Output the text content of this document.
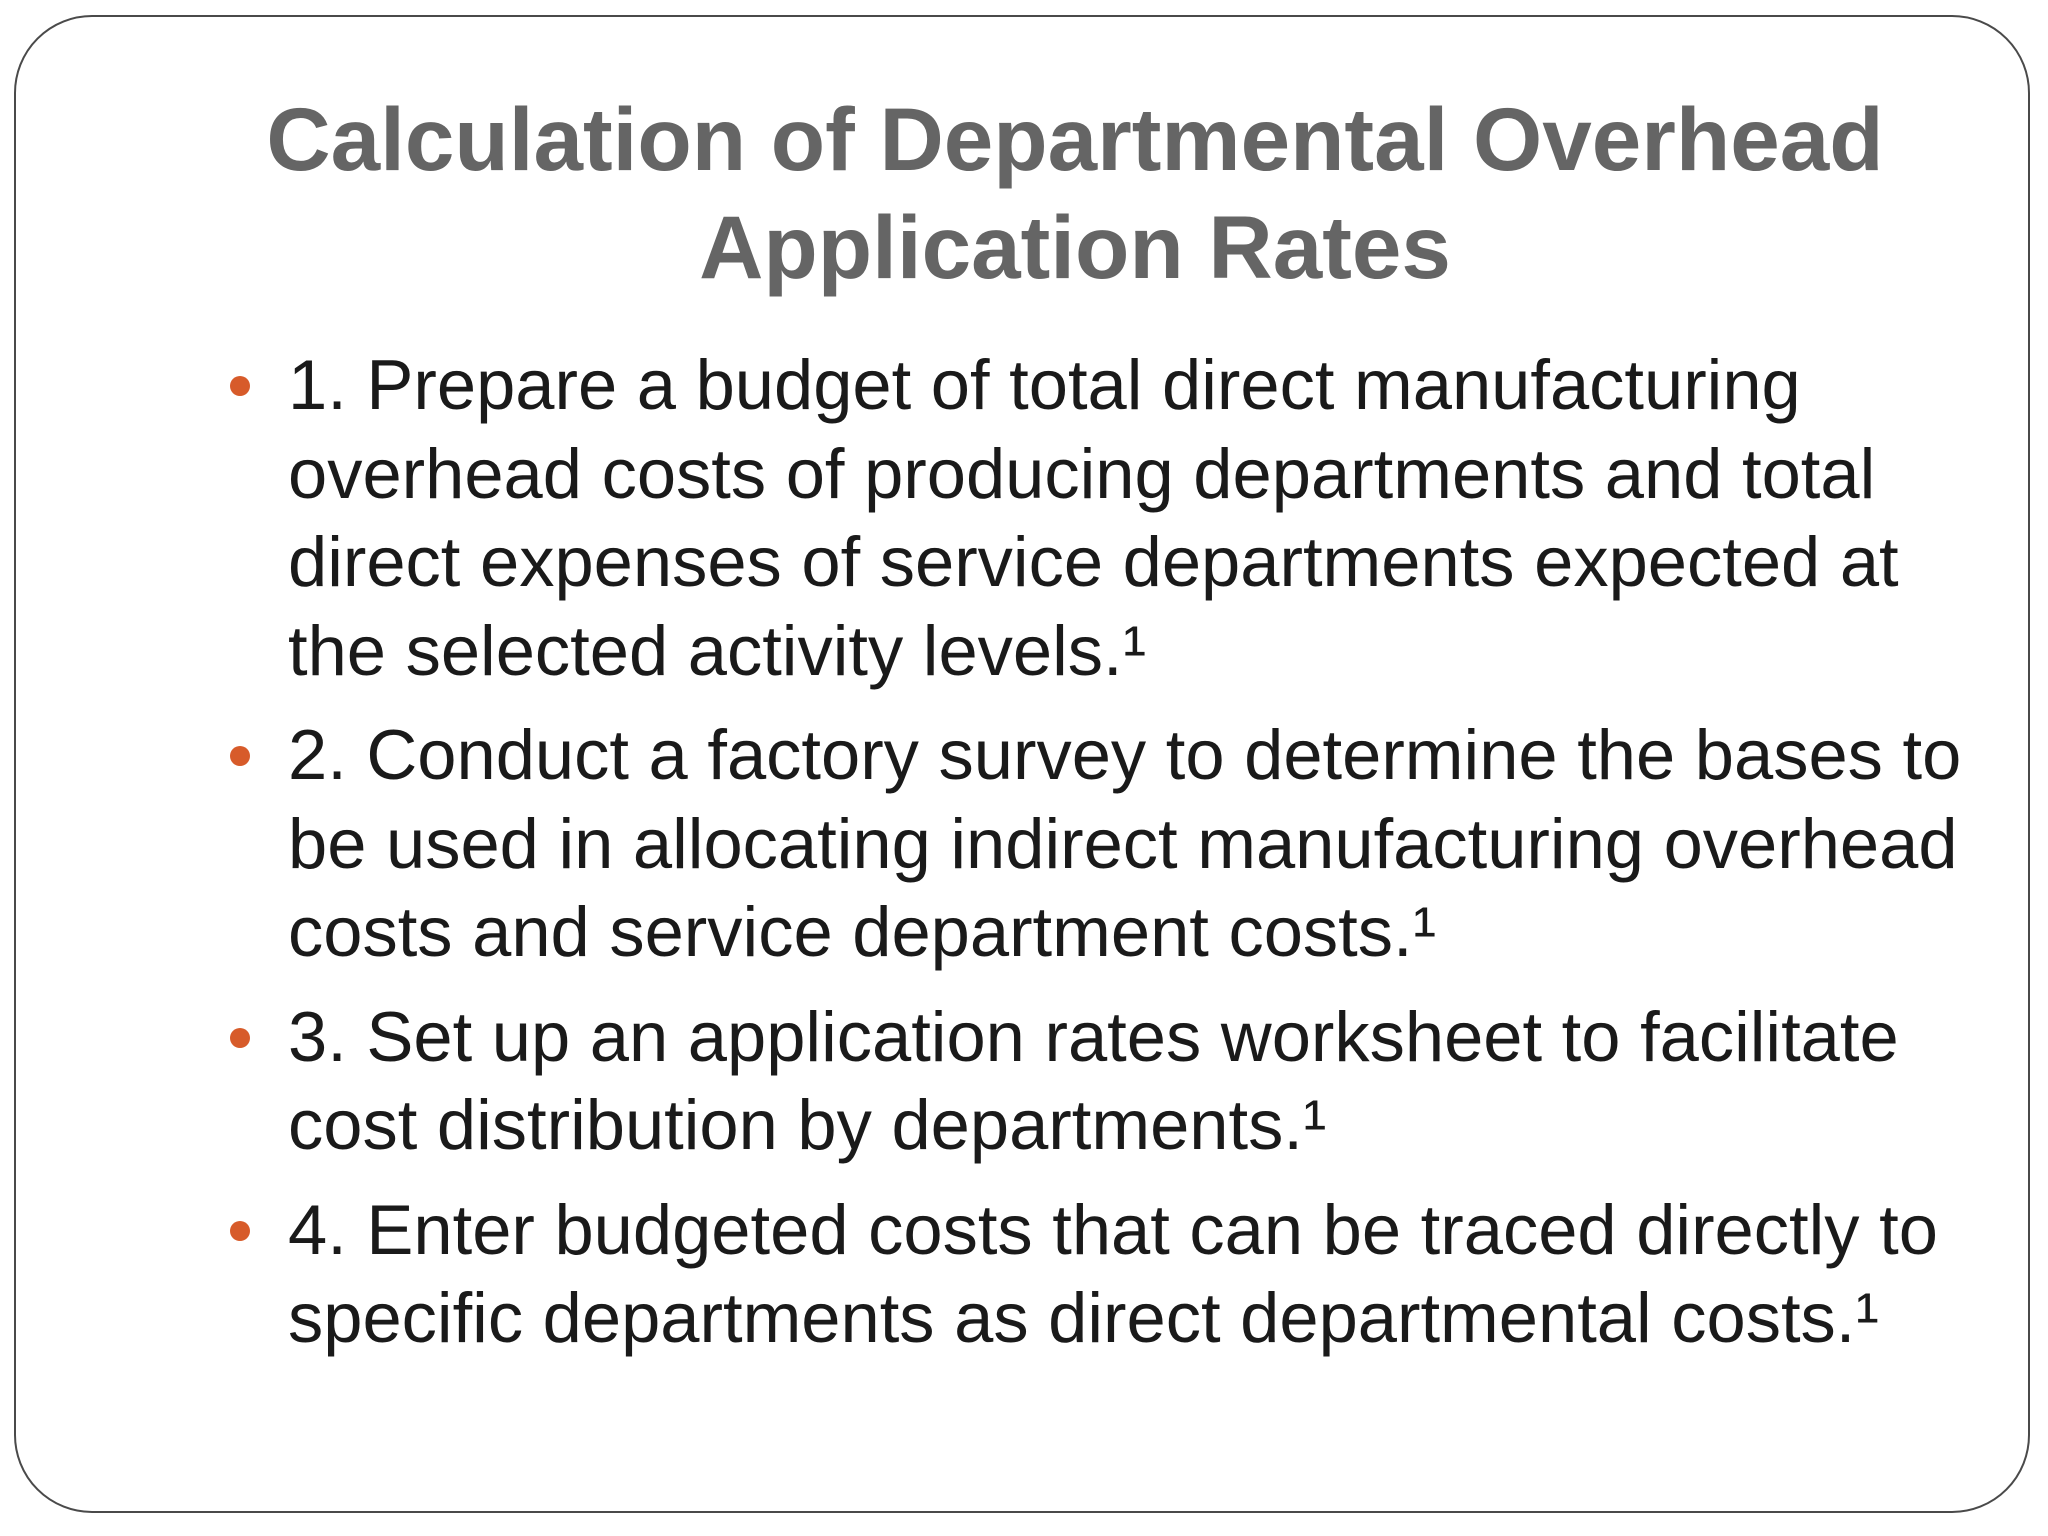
Calculation of Departmental Overhead Application Rates
1. Prepare a budget of total direct manufacturing overhead costs of producing departments and total direct expenses of service departments expected at the selected activity levels.¹
2. Conduct a factory survey to determine the bases to be used in allocating indirect manufacturing overhead costs and service department costs.¹
3. Set up an application rates worksheet to facilitate cost distribution by departments.¹
4. Enter budgeted costs that can be traced directly to specific departments as direct departmental costs.¹
